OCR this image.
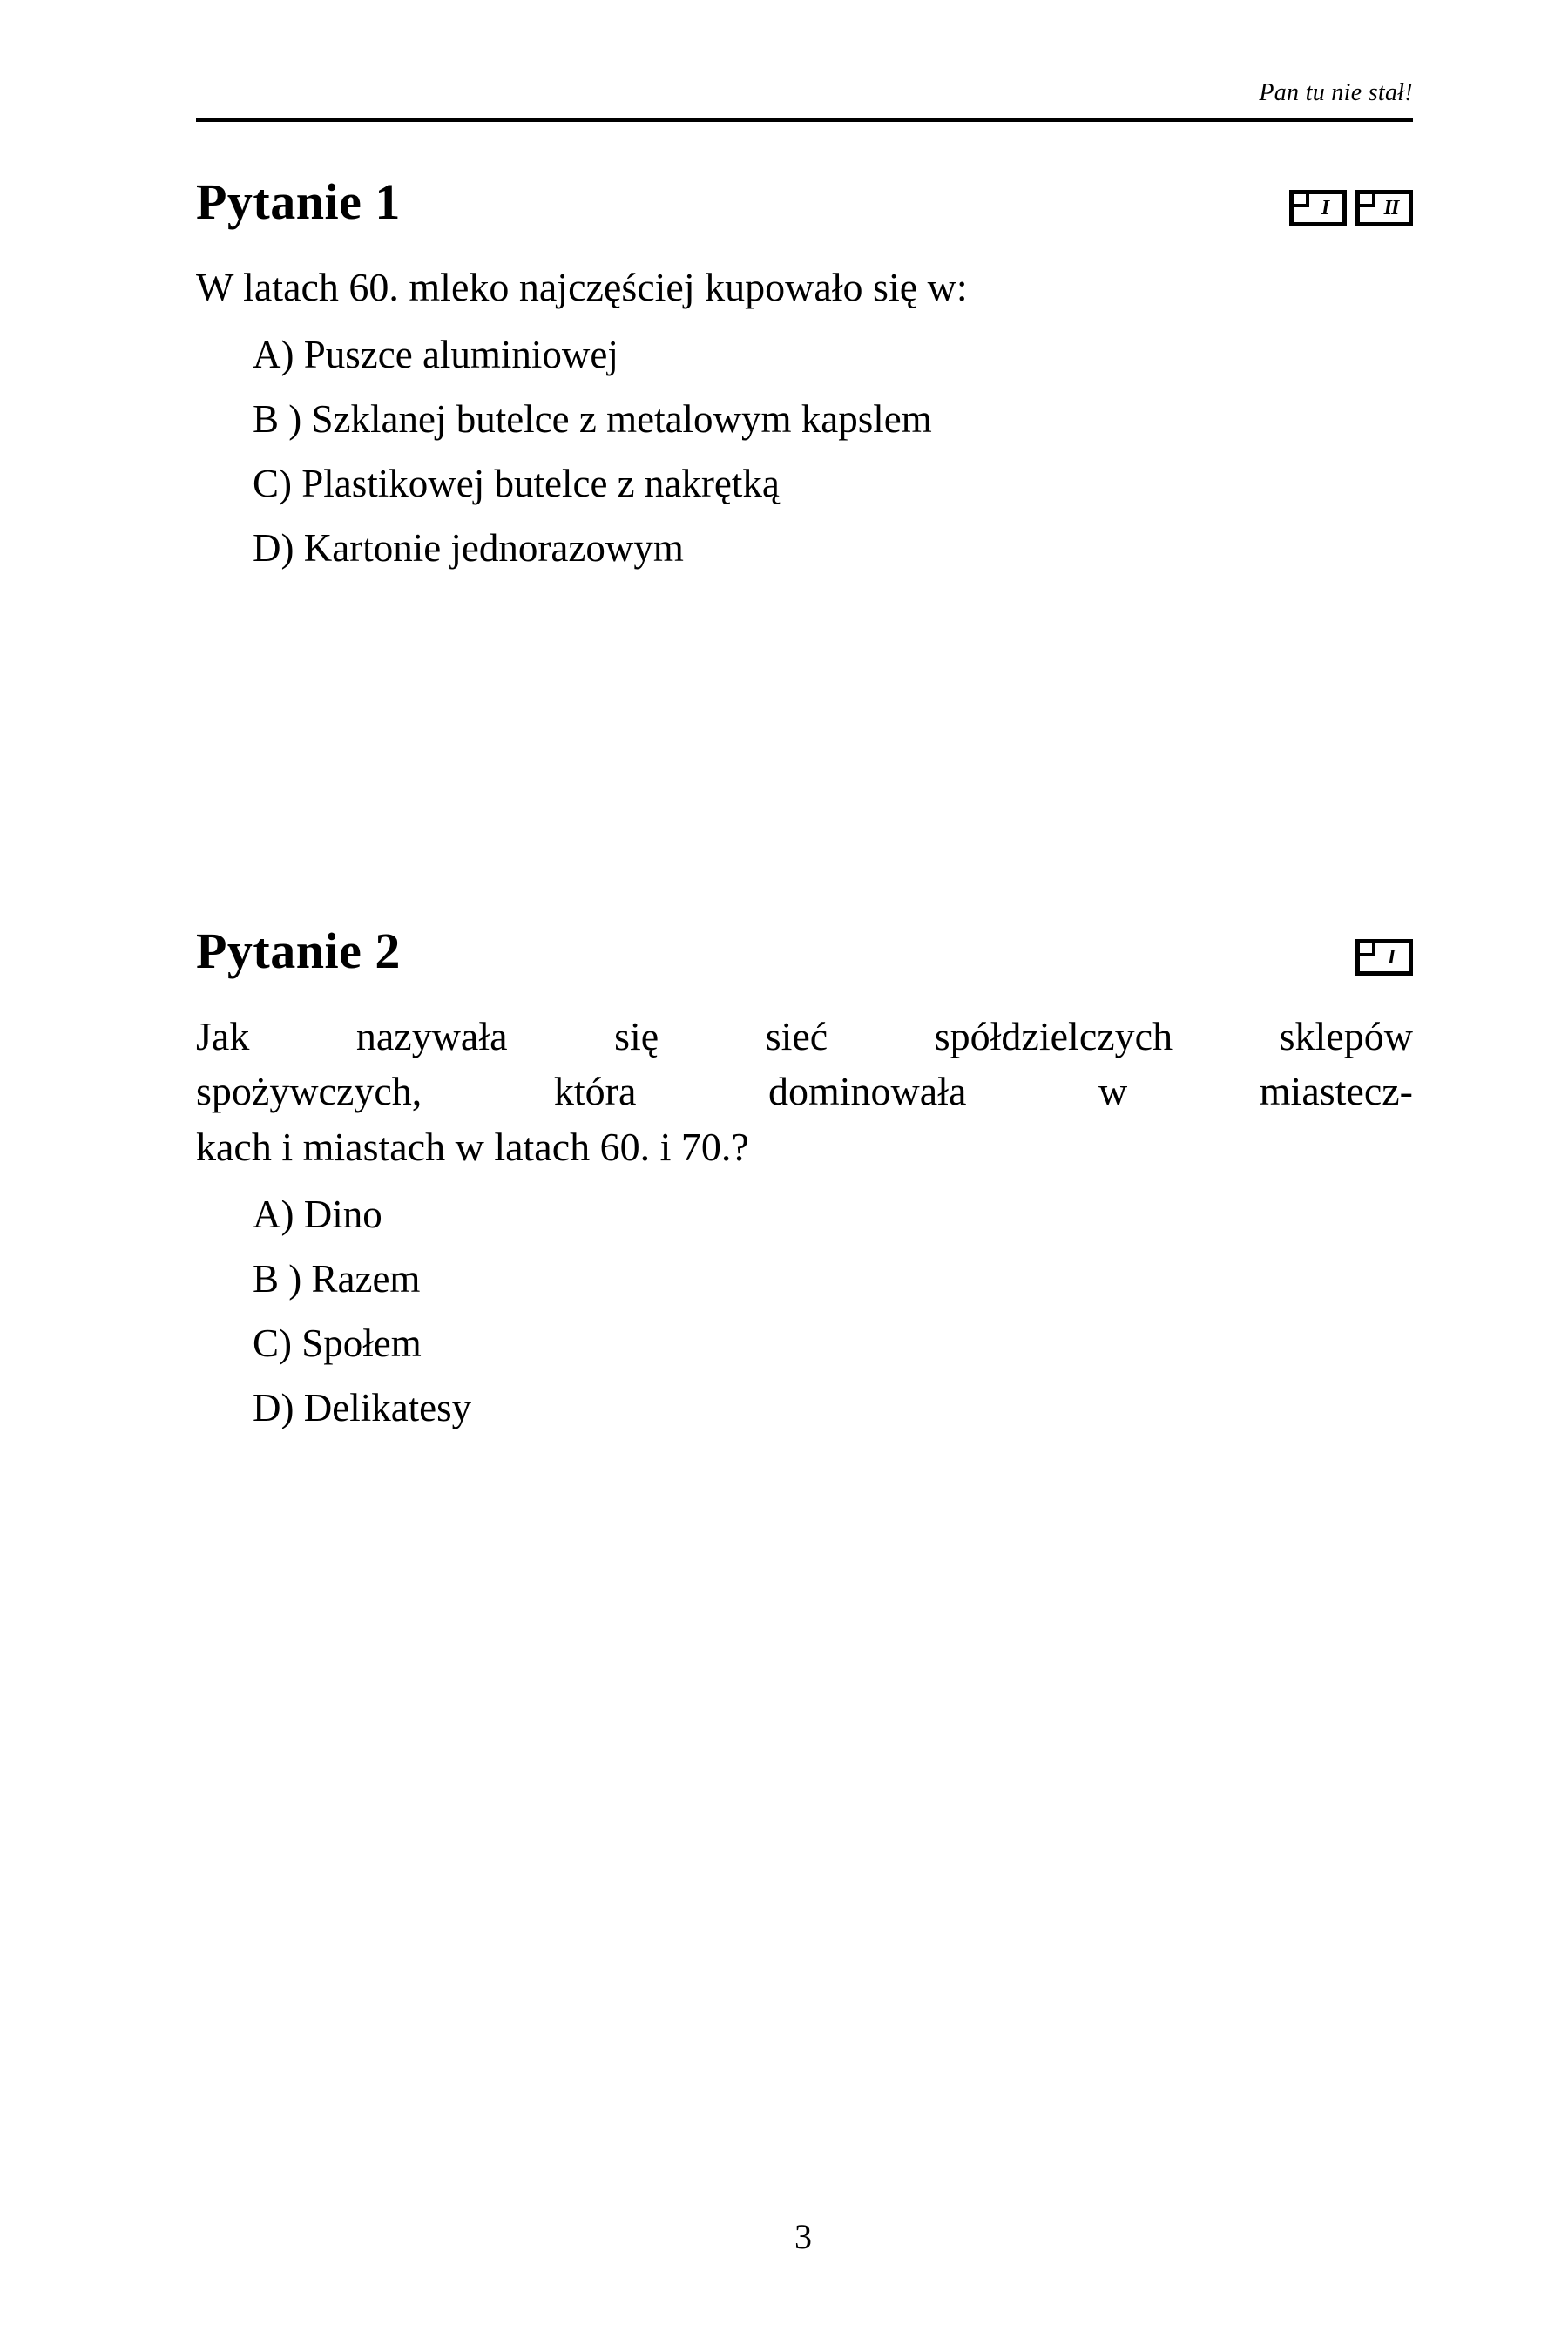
Pan tu nie stał!
Pytanie 1	I	II
W latach 60. mleko najczęściej kupowało się w:
A) Puszce aluminiowej
B ) Szklanej butelce z metalowym kapslem
C) Plastikowej butelce z nakrętką
D) Kartonie jednorazowym
Pytanie 2	I
Jak	nazywała	się	sieć	spółdzielczych	sklepów
spożywczych,	która	dominowała	w	miastecz-
kach i miastach w latach 60. i 70.?
A) Dino
B ) Razem
C) Społem
D) Delikatesy
3
